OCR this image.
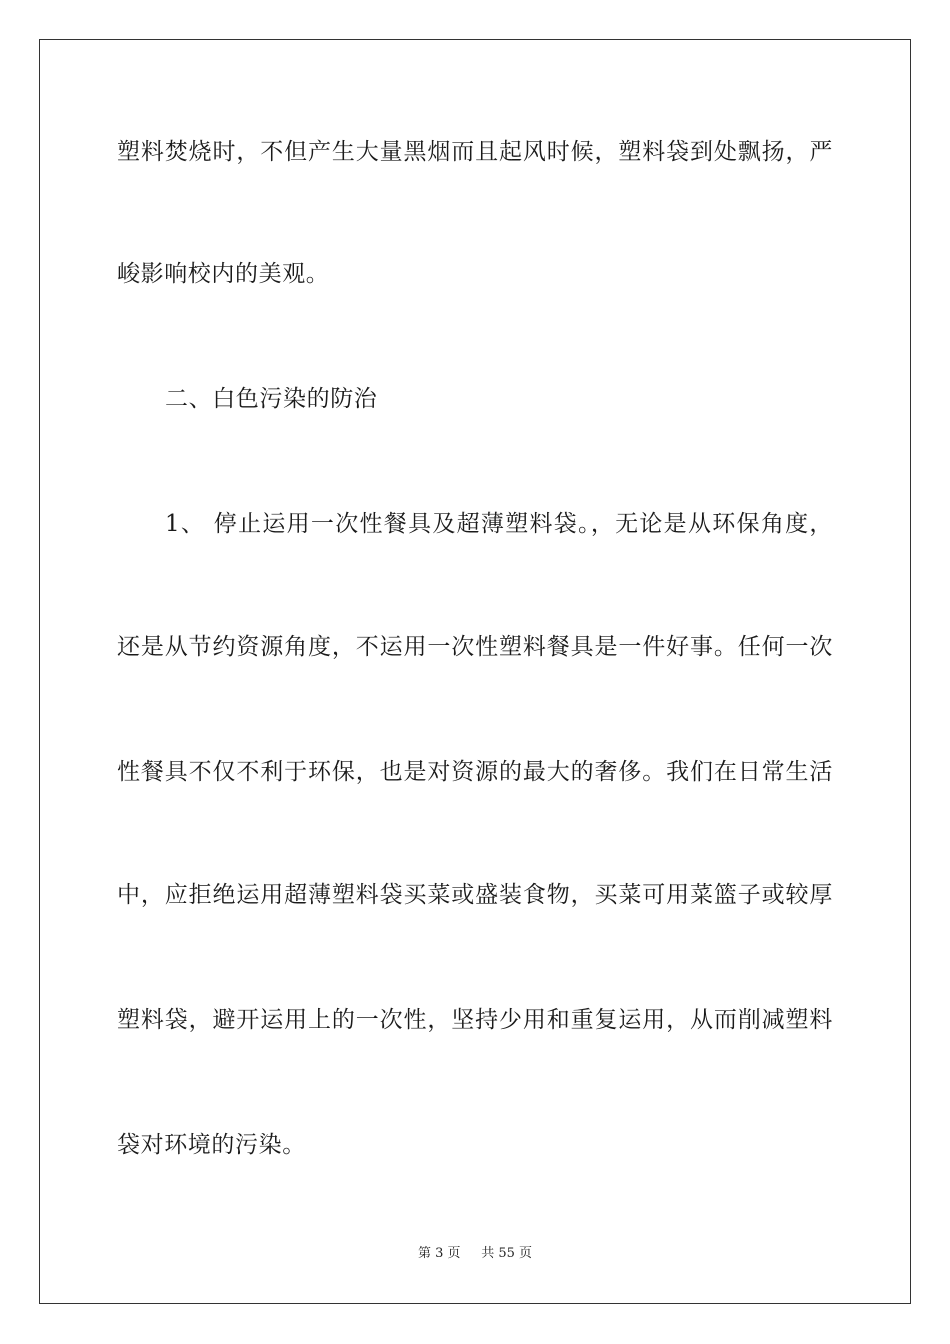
塑料焚烧时，不但产生大量黑烟而且起风时候，塑料袋到处飘扬，严
峻影响校内的美观。
二、白色污染的防治
1、 停止运用一次性餐具及超薄塑料袋。，无论是从环保角度，
还是从节约资源角度，不运用一次性塑料餐具是一件好事。任何一次
性餐具不仅不利于环保，也是对资源的最大的奢侈。我们在日常生活
中，应拒绝运用超薄塑料袋买菜或盛装食物，买菜可用菜篮子或较厚
塑料袋，避开运用上的一次性，坚持少用和重复运用，从而削减塑料
袋对环境的污染。
第 3 页 共 55 页
